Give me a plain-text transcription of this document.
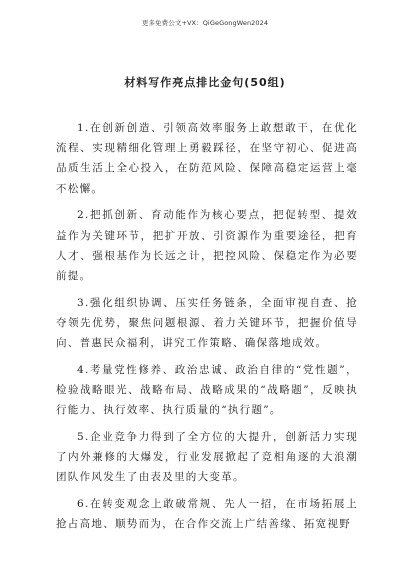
更多免费公文+VX：QiGeGongWen2024
材料写作亮点排比金句(50组)

1.在创新创造、引领高效率服务上敢想敢干，在优化流程、实现精细化管理上勇毅踩径，在坚守初心、促进高品质生活上全心投入，在防范风险、保障高稳定运营上毫不松懈。

2.把抓创新、育动能作为核心要点，把促转型、提效益作为关键环节，把扩开放、引资源作为重要途径，把育人才、强根基作为长远之计，把控风险、保稳定作为必要前提。

3.强化组织协调、压实任务链条，全面审视自查、抢夺领先优势，聚焦问题根源、着力关键环节，把握价值导向、普惠民众福利，讲究工作策略、确保落地成效。

4.考量党性修养、政治忠诚、政治自律的“党性题”，检验战略眼光、战略布局、战略成果的“战略题”，反映执行能力、执行效率、执行质量的“执行题”。

5.企业竞争力得到了全方位的大提升，创新活力实现了内外兼修的大爆发，行业发展掀起了竞相角逐的大浪潮团队作风发生了由表及里的大变革。

6.在转变观念上敢破常规、先人一招，在市场拓展上抢占高地、顺势而为，在合作交流上广结善缘、拓宽视野
